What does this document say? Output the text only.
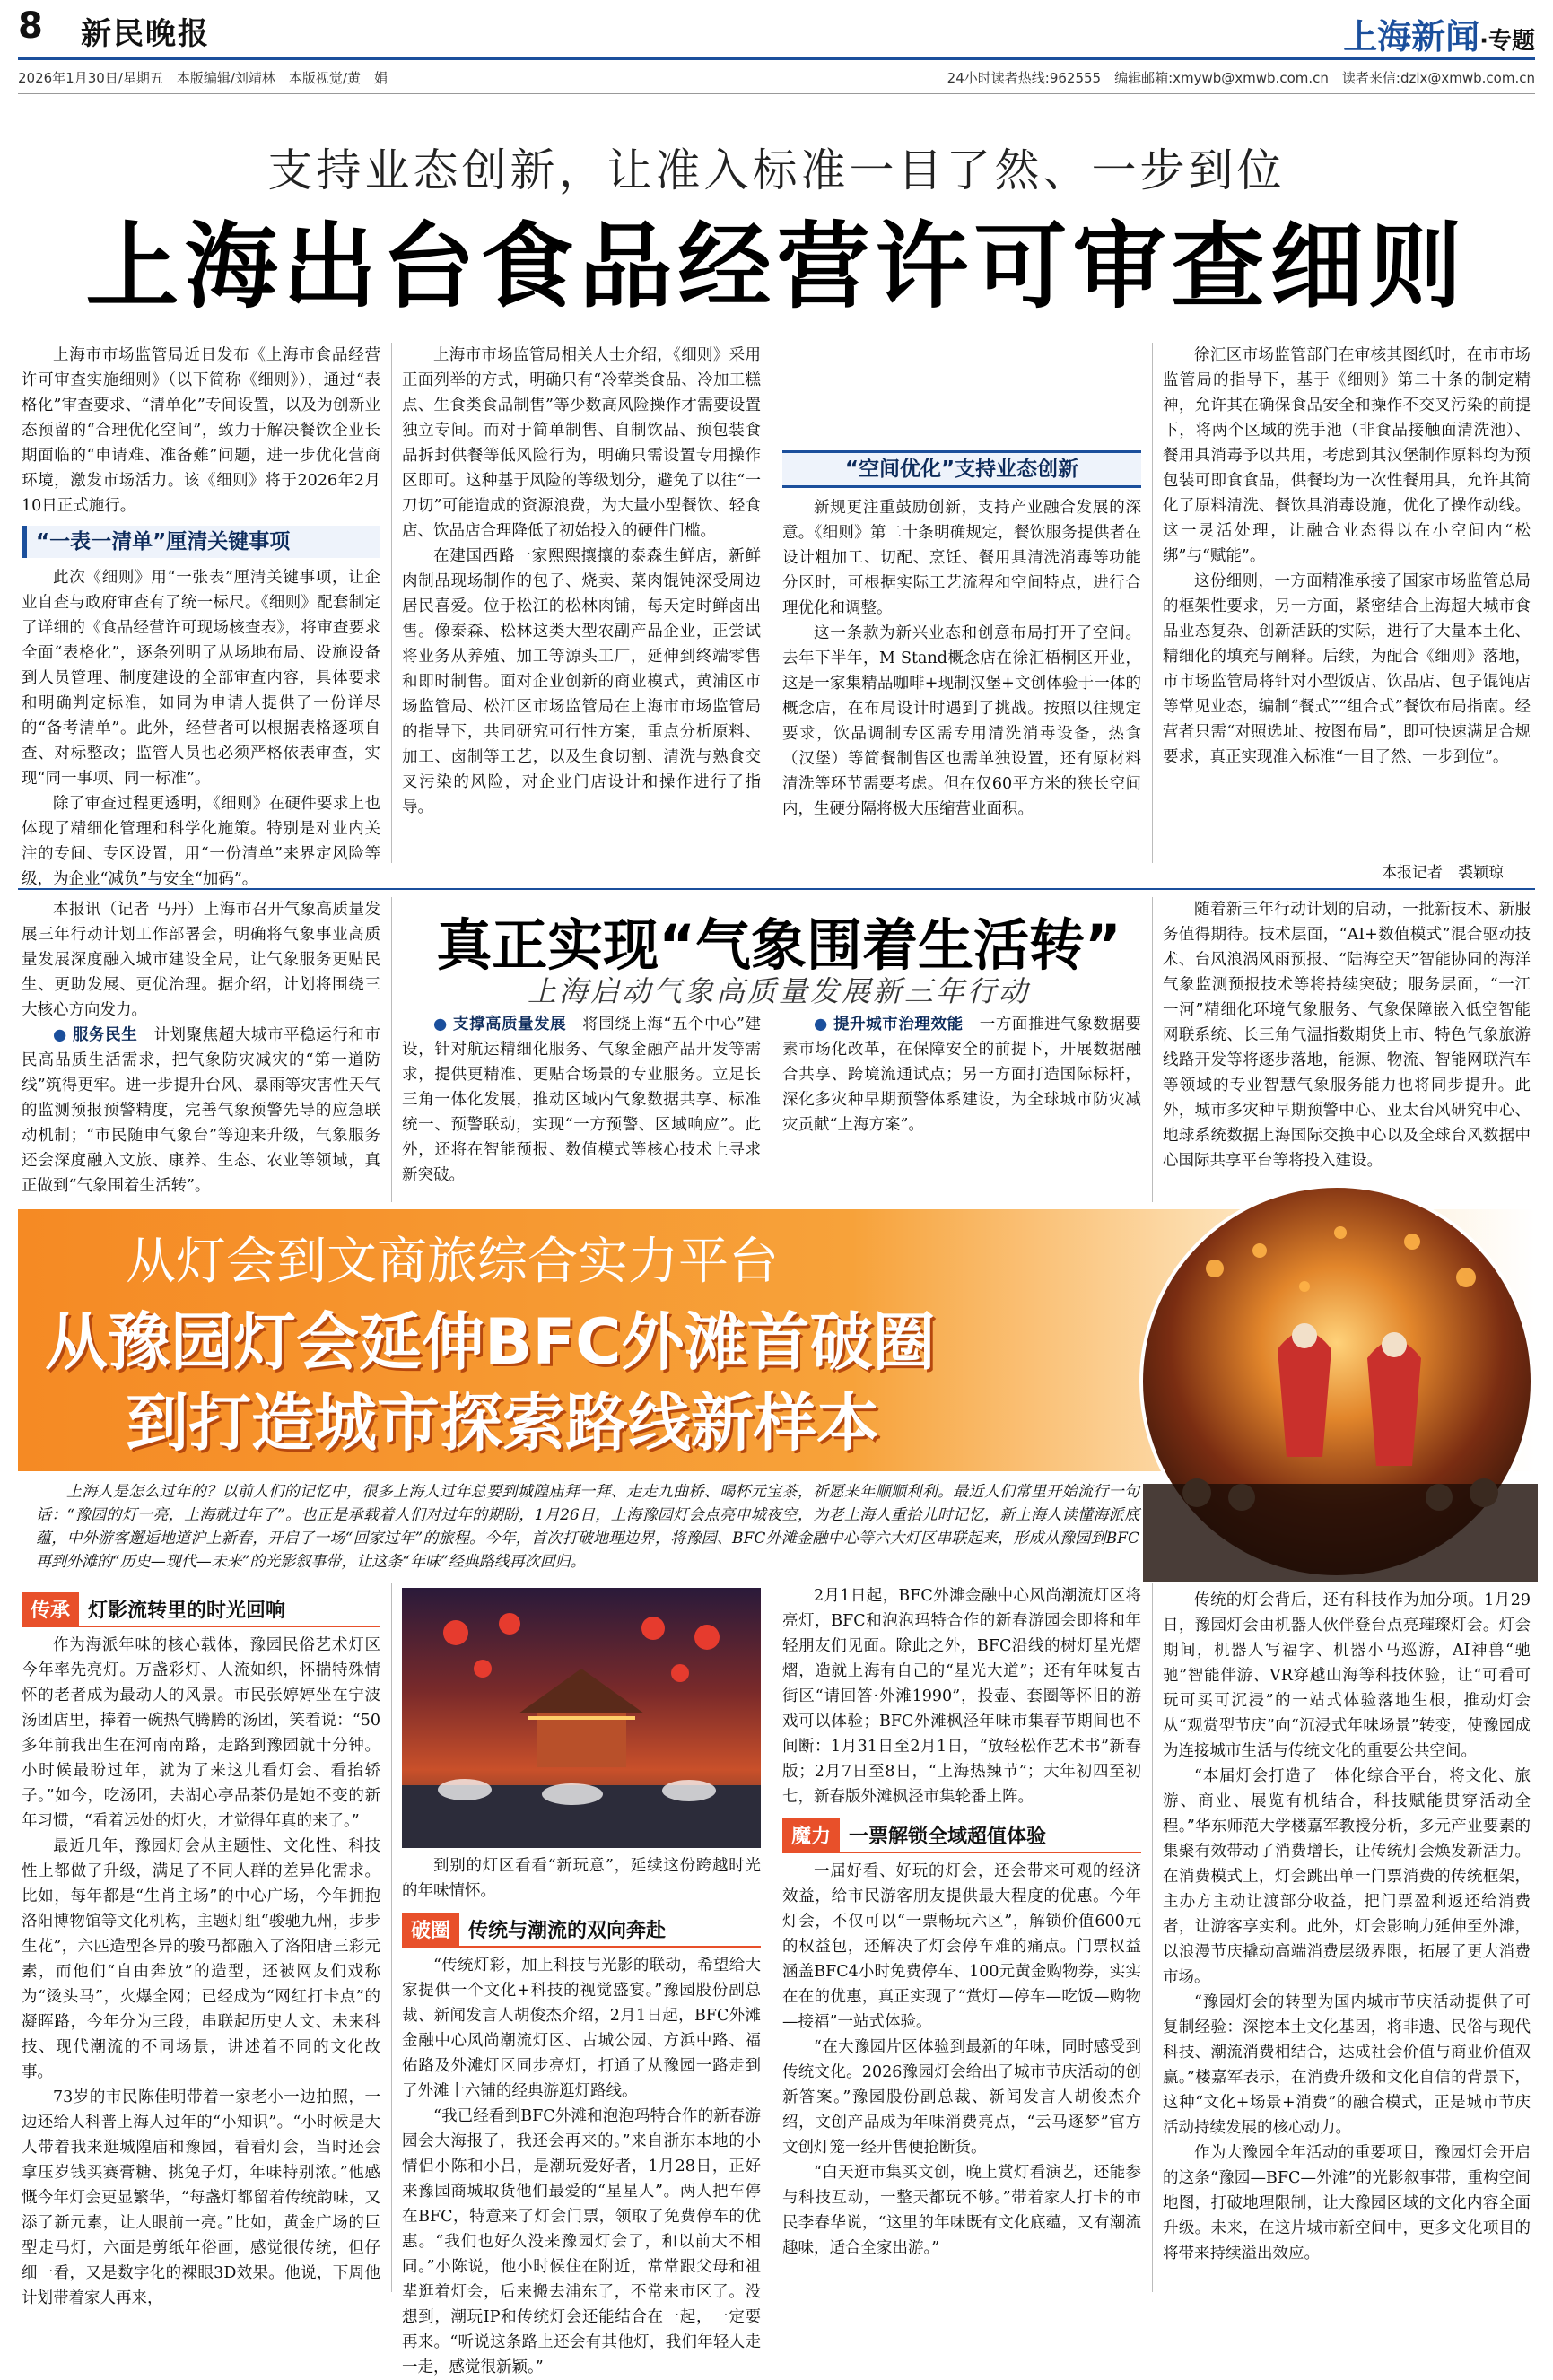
8 新民晚报	上海新闻·专题
2026年1月30日/星期五　本版编辑/刘靖林　本版视觉/黄　娟	24小时读者热线:962555　编辑邮箱:xmywb@xmwb.com.cn　读者来信:dzlx@xmwb.com.cn
支持业态创新，让准入标准一目了然、一步到位
上海出台食品经营许可审查细则

上海市市场监管局近日发布《上海市食品经营许可审查实施细则》（以下简称《细则》），通过“表格化”审查要求、“清单化”专间设置，以及为创新业态预留的“合理优化空间”，致力于解决餐饮企业长期面临的“申请难、准备難”问题，进一步优化营商环境，激发市场活力。该《细则》将于2026年2月10日正式施行。

“一表一清单”厘清关键事项

此次《细则》用“一张表”厘清关键事项，让企业自查与政府审查有了统一标尺。《细则》配套制定了详细的《食品经营许可现场核查表》，将审查要求全面“表格化”，逐条列明了从场地布局、设施设备到人员管理、制度建设的全部审查内容，具体要求和明确判定标准，如同为申请人提供了一份详尽的“备考清单”。此外，经营者可以根据表格逐项自查、对标整改；监管人员也必须严格依表审查，实现“同一事项、同一标准”。

除了审查过程更透明，《细则》在硬件要求上也体现了精细化管理和科学化施策。特别是对业内关注的专间、专区设置，用“一份清单”来界定风险等级，为企业“减负”与安全“加码”。

上海市市场监管局相关人士介绍，《细则》采用正面列举的方式，明确只有“冷荤类食品、冷加工糕点、生食类食品制售”等少数高风险操作才需要设置独立专间。而对于简单制售、自制饮品、预包装食品拆封供餐等低风险行为，明确只需设置专用操作区即可。这种基于风险的等级划分，避免了以往“一刀切”可能造成的资源浪费，为大量小型餐饮、轻食店、饮品店合理降低了初始投入的硬件门槛。

在建国西路一家熙熙攘攘的泰森生鲜店，新鲜肉制品现场制作的包子、烧卖、菜肉馄饨深受周边居民喜爱。位于松江的松林肉铺，每天定时鲜卤出售。像泰森、松林这类大型农副产品企业，正尝试将业务从养殖、加工等源头工厂，延伸到终端零售和即时制售。面对企业创新的商业模式，黄浦区市场监管局、松江区市场监管局在上海市市场监管局的指导下，共同研究可行性方案，重点分析原料、加工、卤制等工艺，以及生食切割、清洗与熟食交叉污染的风险，对企业门店设计和操作进行了指导。

“空间优化”支持业态创新

新规更注重鼓励创新，支持产业融合发展的深意。《细则》第二十条明确规定，餐饮服务提供者在设计粗加工、切配、烹饪、餐用具清洗消毒等功能分区时，可根据实际工艺流程和空间特点，进行合理优化和调整。

这一条款为新兴业态和创意布局打开了空间。去年下半年，M Stand概念店在徐汇梧桐区开业，这是一家集精品咖啡+现制汉堡+文创体验于一体的概念店，在布局设计时遇到了挑战。按照以往规定要求，饮品调制专区需专用清洗消毒设备，热食（汉堡）等简餐制售区也需单独设置，还有原材料清洗等环节需要考虑。但在仅60平方米的狭长空间内，生硬分隔将极大压缩营业面积。

徐汇区市场监管部门在审核其图纸时，在市市场监管局的指导下，基于《细则》第二十条的制定精神，允许其在确保食品安全和操作不交叉污染的前提下，将两个区域的洗手池（非食品接触面清洗池）、餐用具消毒予以共用，考虑到其汉堡制作原料均为预包装可即食食品，供餐均为一次性餐用具，允许其简化了原料清洗、餐饮具消毒设施，优化了操作动线。这一灵活处理，让融合业态得以在小空间内“松绑”与“赋能”。

这份细则，一方面精准承接了国家市场监管总局的框架性要求，另一方面，紧密结合上海超大城市食品业态复杂、创新活跃的实际，进行了大量本土化、精细化的填充与阐释。后续，为配合《细则》落地，市市场监管局将针对小型饭店、饮品店、包子馄饨店等常见业态，编制“餐式”“组合式”餐饮布局指南。经营者只需“对照选址、按图布局”，即可快速满足合规要求，真正实现准入标准“一目了然、一步到位”。

本报记者　裘颖琼

本报讯（记者 马丹）上海市召开气象高质量发展三年行动计划工作部署会，明确将气象事业高质量发展深度融入城市建设全局，让气象服务更贴民生、更助发展、更优治理。据介绍，计划将围绕三大核心方向发力。

● 服务民生　 计划聚焦超大城市平稳运行和市民高品质生活需求，把气象防灾减灾的“第一道防线”筑得更牢。进一步提升台风、暴雨等灾害性天气的监测预报预警精度，完善气象预警先导的应急联动机制；“市民随申气象台”等迎来升级，气象服务还会深度融入文旅、康养、生态、农业等领域，真正做到“气象围着生活转”。

真正实现“气象围着生活转”
上海启动气象高质量发展新三年行动

● 支撑高质量发展　 将围绕上海“五个中心”建设，针对航运精细化服务、气象金融产品开发等需求，提供更精准、更贴合场景的专业服务。立足长三角一体化发展，推动区域内气象数据共享、标准统一、预警联动，实现“一方预警、区域响应”。此外，还将在智能预报、数值模式等核心技术上寻求新突破。

● 提升城市治理效能　 一方面推进气象数据要素市场化改革，在保障安全的前提下，开展数据融合共享、跨境流通试点；另一方面打造国际标杆，深化多灾种早期预警体系建设，为全球城市防灾减灾贡献“上海方案”。

随着新三年行动计划的启动，一批新技术、新服务值得期待。技术层面，“AI+数值模式”混合驱动技术、台风浪涡风雨预报、“陆海空天”智能协同的海洋气象监测预报技术等将持续突破；服务层面，“一江一河”精细化环境气象服务、气象保障嵌入低空智能网联系统、长三角气温指数期货上市、特色气象旅游线路开发等将逐步落地，能源、物流、智能网联汽车等领域的专业智慧气象服务能力也将同步提升。此外，城市多灾种早期预警中心、亚太台风研究中心、地球系统数据上海国际交换中心以及全球台风数据中心国际共享平台等将投入建设。

从灯会到文商旅综合实力平台
从豫园灯会延伸BFC外滩首破圈
到打造城市探索路线新样本

上海人是怎么过年的？以前人们的记忆中，很多上海人过年总要到城隍庙拜一拜、走走九曲桥、喝杯元宝茶，祈愿来年顺顺利利。最近人们常里开始流行一句话：“豫园的灯一亮，上海就过年了”。也正是承载着人们对过年的期盼，1月26日，上海豫园灯会点亮申城夜空，为老上海人重拾儿时记忆，新上海人读懂海派底蕴，中外游客邂逅地道沪上新春，开启了一场“回家过年”的旅程。今年，首次打破地理边界，将豫园、BFC外滩金融中心等六大灯区串联起来，形成从豫园到BFC再到外滩的“历史—现代—未来”的光影叙事带，让这条“年味”经典路线再次回归。

传承 灯影流转里的时光回响

作为海派年味的核心载体，豫园民俗艺术灯区今年率先亮灯。万盏彩灯、人流如织，怀揣特殊情怀的老者成为最动人的风景。市民张婷婷坐在宁波汤团店里，捧着一碗热气腾腾的汤团，笑着说：“50多年前我出生在河南南路，走路到豫园就十分钟。小时候最盼过年，就为了来这儿看灯会、看抬轿子。”如今，吃汤团，去湖心亭品茶仍是她不变的新年习惯，“看着远处的灯火，才觉得年真的来了。”

最近几年，豫园灯会从主题性、文化性、科技性上都做了升级，满足了不同人群的差异化需求。比如，每年都是“生肖主场”的中心广场，今年拥抱洛阳博物馆等文化机构，主题灯组“骏驰九州，步步生花”，六匹造型各异的骏马都融入了洛阳唐三彩元素，而他们“自由奔放”的造型，还被网友们戏称为“烫头马”，火爆全网；已经成为“网红打卡点”的凝晖路，今年分为三段，串联起历史人文、未来科技、现代潮流的不同场景，讲述着不同的文化故事。

73岁的市民陈佳明带着一家老小一边拍照，一边还给人科普上海人过年的“小知识”。“小时候是大人带着我来逛城隍庙和豫园，看看灯会，当时还会拿压岁钱买赛膏糖、挑兔子灯，年味特别浓。”他感慨今年灯会更显繁华，“每盏灯都留着传统韵味，又添了新元素，让人眼前一亮。”比如，黄金广场的巨型走马灯，六面是剪纸年俗画，感觉很传统，但仔细一看，又是数字化的裸眼3D效果。他说，下周他计划带着家人再来，

到别的灯区看看“新玩意”，延续这份跨越时光的年味情怀。

破圈 传统与潮流的双向奔赴

“传统灯彩，加上科技与光影的联动，希望给大家提供一个文化+科技的视觉盛宴。”豫园股份副总裁、新闻发言人胡俊杰介绍，2月1日起，BFC外滩金融中心风尚潮流灯区、古城公园、方浜中路、福佑路及外滩灯区同步亮灯，打通了从豫园一路走到了外滩十六铺的经典游逛灯路线。

“我已经看到BFC外滩和泡泡玛特合作的新春游园会大海报了，我还会再来的。”来自浙东本地的小情侣小陈和小吕，是潮玩爱好者，1月28日，正好来豫园商城取货他们最爱的“星星人”。两人把车停在BFC，特意来了灯会门票，领取了免费停车的优惠。“我们也好久没来豫园灯会了，和以前大不相同。”小陈说，他小时候住在附近，常常跟父母和祖辈逛着灯会，后来搬去浦东了，不常来市区了。没想到，潮玩IP和传统灯会还能结合在一起，一定要再来。“听说这条路上还会有其他灯，我们年轻人走一走，感觉很新颖。”

2月1日起，BFC外滩金融中心风尚潮流灯区将亮灯，BFC和泡泡玛特合作的新春游园会即将和年轻朋友们见面。除此之外，BFC沿线的树灯星光熠熠，造就上海有自己的“星光大道”；还有年味复古街区“请回答·外滩1990”，投壶、套圈等怀旧的游戏可以体验；BFC外滩枫泾年味市集春节期间也不间断：1月31日至2月1日，“放轻松作艺术书”新春版；2月7日至8日，“上海热辣节”；大年初四至初七，新春版外滩枫泾市集轮番上阵。

魔力 一票解锁全域超值体验

一届好看、好玩的灯会，还会带来可观的经济效益，给市民游客朋友提供最大程度的优惠。今年灯会，不仅可以“一票畅玩六区”，解锁价值600元的权益包，还解决了灯会停车难的痛点。门票权益涵盖BFC4小时免费停车、100元黄金购物券，实实在在的优惠，真正实现了“赏灯—停车—吃饭—购物—接福”一站式体验。

“在大豫园片区体验到最新的年味，同时感受到传统文化。2026豫园灯会给出了城市节庆活动的创新答案。”豫园股份副总裁、新闻发言人胡俊杰介绍，文创产品成为年味消费亮点，“云马逐梦”官方文创灯笼一经开售便抢断货。

“白天逛市集买文创，晚上赏灯看演艺，还能参与科技互动，一整天都玩不够。”带着家人打卡的市民李春华说，“这里的年味既有文化底蕴，又有潮流趣味，适合全家出游。”

传统的灯会背后，还有科技作为加分项。1月29日，豫园灯会由机器人伙伴登台点亮璀璨灯会。灯会期间，机器人写福字、机器小马巡游，AI神兽“驰驰”智能伴游、VR穿越山海等科技体验，让“可看可玩可买可沉浸”的一站式体验落地生根，推动灯会从“观赏型节庆”向“沉浸式年味场景”转变，使豫园成为连接城市生活与传统文化的重要公共空间。

“本届灯会打造了一体化综合平台，将文化、旅游、商业、展览有机结合，科技赋能贯穿活动全程。”华东师范大学楼嘉军教授分析，多元产业要素的集聚有效带动了消费增长，让传统灯会焕发新活力。在消费模式上，灯会跳出单一门票消费的传统框架，主办方主动让渡部分收益，把门票盈利返还给消费者，让游客享实利。此外，灯会影响力延伸至外滩，以浪漫节庆撬动高端消费层级界限，拓展了更大消费市场。

“豫园灯会的转型为国内城市节庆活动提供了可复制经验：深挖本土文化基因，将非遗、民俗与现代科技、潮流消费相结合，达成社会价值与商业价值双赢。”楼嘉军表示，在消费升级和文化自信的背景下，这种“文化+场景+消费”的融合模式，正是城市节庆活动持续发展的核心动力。

作为大豫园全年活动的重要项目，豫园灯会开启的这条“豫园—BFC—外滩”的光影叙事带，重构空间地图，打破地理限制，让大豫园区域的文化内容全面升级。未来，在这片城市新空间中，更多文化项目的将带来持续溢出效应。
